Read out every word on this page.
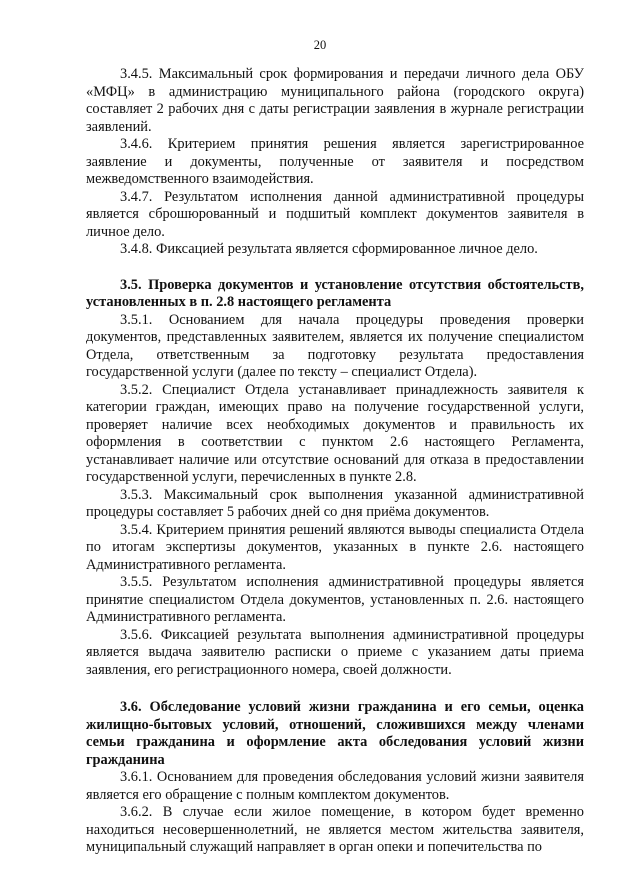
20

3.4.5. Максимальный срок формирования и передачи личного дела ОБУ «МФЦ» в администрацию муниципального района (городского округа) составляет 2 рабочих дня с даты регистрации заявления в журнале регистрации заявлений.

3.4.6. Критерием принятия решения является зарегистрированное заявление и документы, полученные от заявителя и посредством межведомственного взаимодействия.

3.4.7. Результатом исполнения данной административной процедуры является сброшюрованный и подшитый комплект документов заявителя в личное дело.

3.4.8. Фиксацией результата является сформированное личное дело.

3.5. Проверка документов и установление отсутствия обстоятельств, установленных в п. 2.8 настоящего регламента

3.5.1. Основанием для начала процедуры проведения проверки документов, представленных заявителем, является их получение специалистом Отдела, ответственным за подготовку результата предоставления государственной услуги (далее по тексту – специалист Отдела).

3.5.2. Специалист Отдела устанавливает принадлежность заявителя к категории граждан, имеющих право на получение государственной услуги, проверяет наличие всех необходимых документов и правильность их оформления в соответствии с пунктом 2.6 настоящего Регламента, устанавливает наличие или отсутствие оснований для отказа в предоставлении государственной услуги, перечисленных в пункте 2.8.

3.5.3. Максимальный срок выполнения указанной административной процедуры составляет 5 рабочих дней со дня приёма документов.

3.5.4. Критерием принятия решений являются выводы специалиста Отдела по итогам экспертизы документов, указанных в пункте 2.6. настоящего Административного регламента.

3.5.5. Результатом исполнения административной процедуры является принятие специалистом Отдела документов, установленных п. 2.6. настоящего Административного регламента.

3.5.6. Фиксацией результата выполнения административной процедуры является выдача заявителю расписки о приеме с указанием даты приема заявления, его регистрационного номера, своей должности.

3.6. Обследование условий жизни гражданина и его семьи, оценка жилищно-бытовых условий, отношений, сложившихся между членами семьи гражданина и оформление акта обследования условий жизни гражданина

3.6.1. Основанием для проведения обследования условий жизни заявителя является его обращение с полным комплектом документов.

3.6.2. В случае если жилое помещение, в котором будет временно находиться несовершеннолетний, не является местом жительства заявителя, муниципальный служащий направляет в орган опеки и попечительства по
